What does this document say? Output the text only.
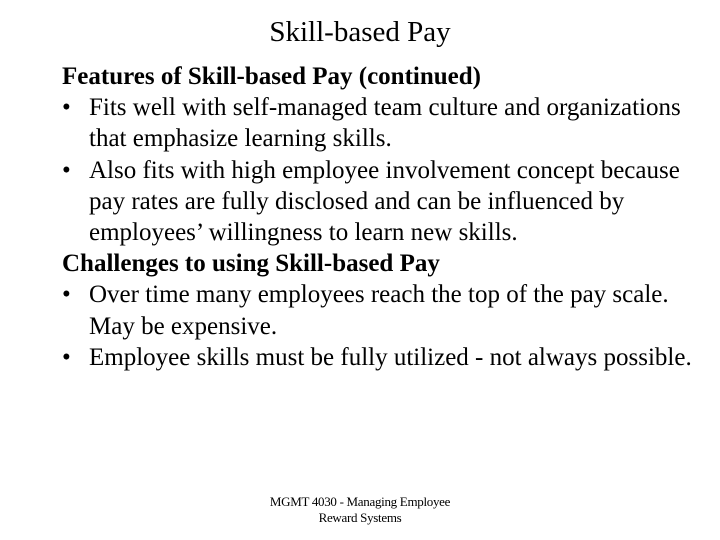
Skill-based Pay
Features of Skill-based Pay (continued)
• Fits well with self-managed team culture and organizations that emphasize learning skills.
• Also fits with high employee involvement concept because pay rates are fully disclosed and can be influenced by employees’ willingness to learn new skills.
Challenges to using Skill-based Pay
• Over time many employees reach the top of the pay scale. May be expensive.
• Employee skills must be fully utilized - not always possible.
MGMT 4030 - Managing Employee
Reward Systems
